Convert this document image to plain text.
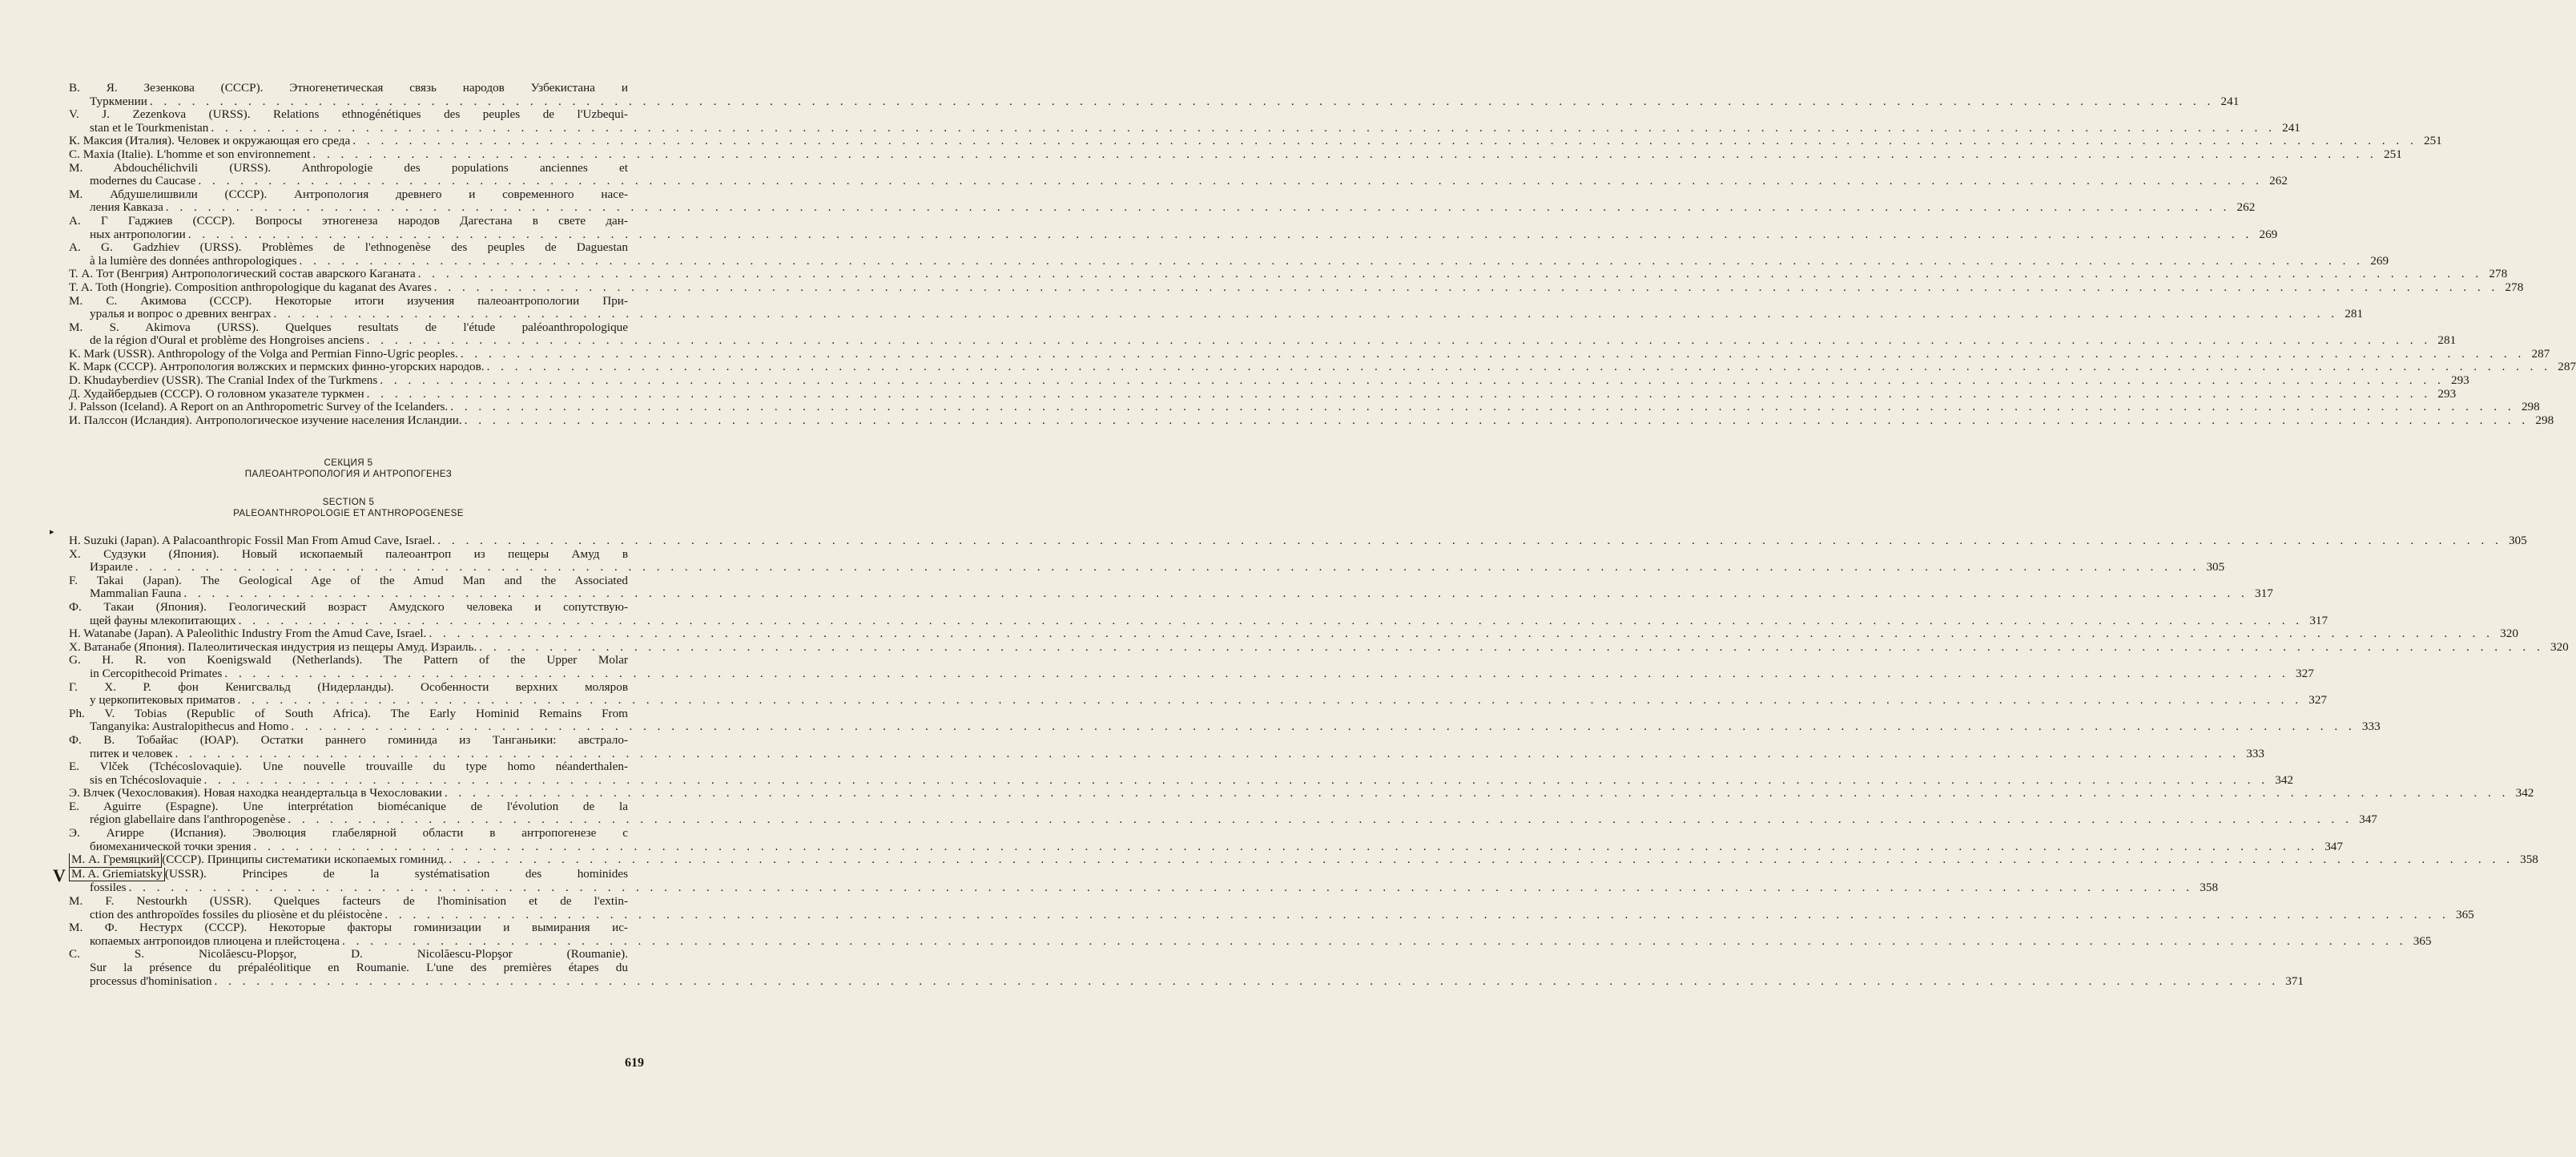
В. Я. Зезенкова (СССР). Этногенетическая связь народов Узбекистана и
Туркмении . . .	241
V. J. Zezenkova (URSS). Relations ethnogénétiques des peuples de l'Uzbequi-
stan et le Tourkmenistan . . .	241
К. Максия (Италия). Человек и окружающая его среда . . .	251
C. Maxia (Italie). L'homme et son environnement . . .	251
M. Abdouchélichvili (URSS). Anthropologie des populations anciennes et
modernes du Caucase . . .	262
М. Абдушелишвили (СССР). Антропология древнего и современного насе-
ления Кавказа . . .	262
А. Г Гаджиев (СССР). Вопросы этногенеза народов Дагестана в свете дан-
ных антропологии . . .	269
A. G. Gadzhiev (URSS). Problèmes de l'ethnogenèse des peuples de Daguestan
à la lumière des données anthropologiques . . .	269
Т. А. Тот (Венгрия) Антропологический состав аварского Каганата . . .	278
T. A. Toth (Hongrie). Composition anthropologique du kaganat des Avares . . .	278
М. С. Акимова (СССР). Некоторые итоги изучения палеоантропологии При-
уралья и вопрос о древних венграх . . .	281
M. S. Akimova (URSS). Quelques resultats de l'étude paléoanthropologique
de la région d'Oural et problème des Hongroises anciens . . .	281
K. Mark (USSR). Anthropology of the Volga and Permian Finno-Ugric peoples. . . .	287
К. Марк (СССР). Антропология волжских и пермских финно-угорских народов. . . .	287
D. Khudayberdiev (USSR). The Cranial Index of the Turkmens . . .	293
Д. Худайбердыев (СССР). О головном указателе туркмен . . .	293
J. Palsson (Iceland). A Report on an Anthropometric Survey of the Icelanders. . . .	298
И. Палссон (Исландия). Антропологическое изучение населения Исландии. . . .	298
СЕКЦИЯ 5
ПАЛЕОАНТРОПОЛОГИЯ И АНТРОПОГЕНЕЗ
SECTION 5
PALEOANTHROPOLOGIE ET ANTHROPOGENESE
▸
H. Suzuki (Japan). A Palacoanthropic Fossil Man From Amud Cave, Israel. . . .	305
Х. Судзуки (Япония). Новый ископаемый палеоантроп из пещеры Амуд в
Израиле . . .	305
F. Takai (Japan). The Geological Age of the Amud Man and the Associated
Mammalian Fauna . . .	317
Ф. Такаи (Япония). Геологический возраст Амудского человека и сопутствую-
щей фауны млекопитающих . . .	317
H. Watanabe (Japan). A Paleolithic Industry From the Amud Cave, Israel. . . .	320
Х. Ватанабе (Япония). Палеолитическая индустрия из пещеры Амуд. Израиль. . . .	320
G. H. R. von Koenigswald (Netherlands). The Pattern of the Upper Molar
in Cercopithecoid Primates . . .	327
Г. Х. Р. фон Кенигсвальд (Нидерланды). Особенности верхних моляров
у церкопитековых приматов . . .	327
Ph. V. Tobias (Republic of South Africa). The Early Hominid Remains From
Tanganyika: Australopithecus and Homo . . .	333
Ф. В. Тобайас (ЮАР). Остатки раннего гоминида из Танганьики: австрало-
питек и человек . . .	333
E. Vlček (Tchécoslovaquie). Une nouvelle trouvaille du type homo néanderthalen-
sis en Tchécoslovaquie . . .	342
Э. Влчек (Чехословакия). Новая находка неандертальца в Чехословакии . . .	342
E. Aguirre (Espagne). Une interprétation biomécanique de l'évolution de la
région glabellaire dans l'anthropogenèse . . .	347
Э. Агирре (Испания). Эволюция глабелярной области в антропогенезе с
биомеханической точки зрения . . .	347
М. А. Гремяцкий (СССР). Принципы систематики ископаемых гоминид. . . .	358
M. A. Griemiatsky (USSR). Principes de la systématisation des hominides
fossiles . . .	358
M. F. Nestourkh (USSR). Quelques facteurs de l'hominisation et de l'extin-
ction des anthropoïdes fossiles du pliosène et du pléistocène . . .	365
М. Ф. Нестурх (СССР). Некоторые факторы гоминизации и вымирания ис-
копаемых антропоидов плиоцена и плейстоцена . . .	365
C. S. Nicolăescu-Plopşor, D. Nicolăescu-Plopşor (Roumanie).
Sur la présence du prépaléolitique en Roumanie. L'une des premières étapes du
processus d'hominisation . . .	371
V
619
